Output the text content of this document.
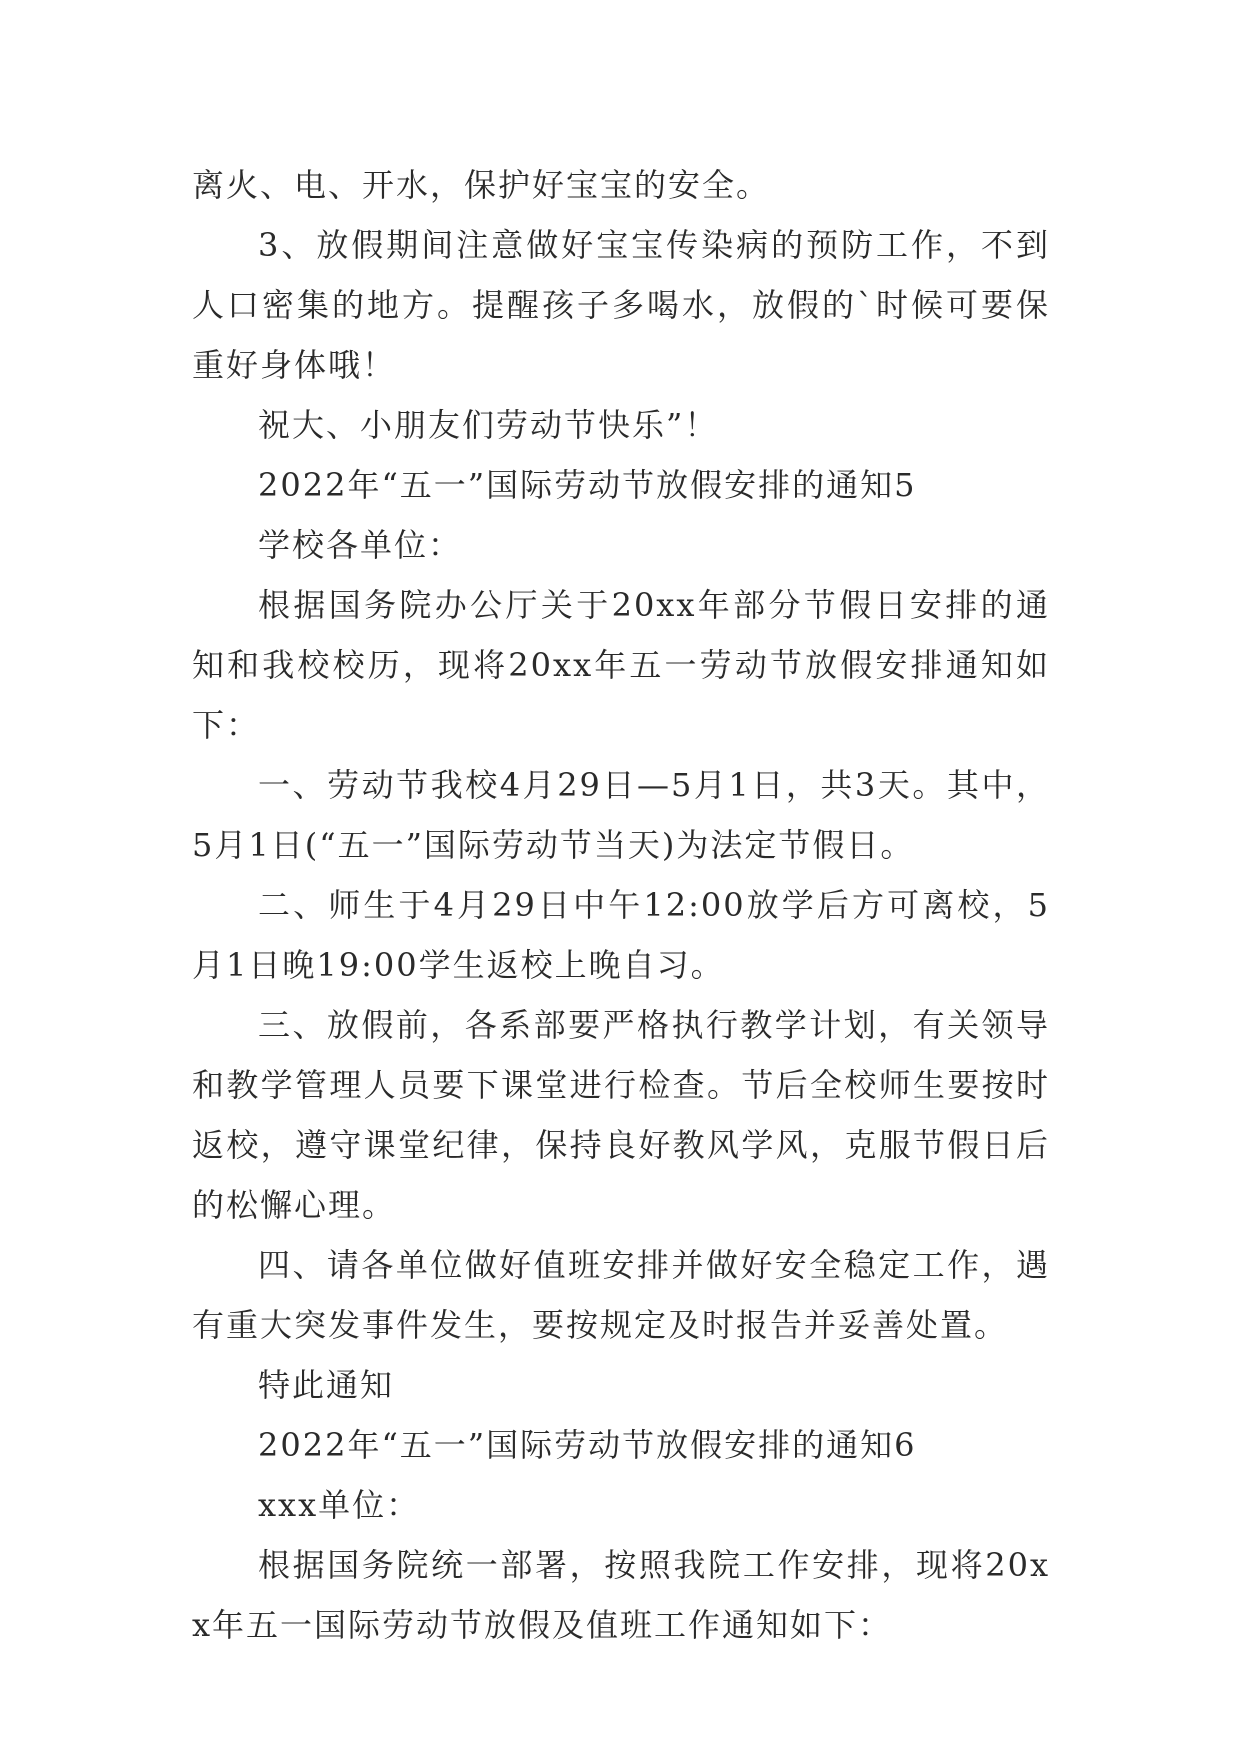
离火、电、开水，保护好宝宝的安全。

3、放假期间注意做好宝宝传染病的预防工作，不到人口密集的地方。提醒孩子多喝水，放假的`时候可要保重好身体哦！

祝大、小朋友们劳动节快乐”！

2022年“五一”国际劳动节放假安排的通知5

学校各单位：

根据国务院办公厅关于20xx年部分节假日安排的通知和我校校历，现将20xx年五一劳动节放假安排通知如下：

一、劳动节我校4月29日—5月1日，共3天。其中，5月1日(“五一”国际劳动节当天)为法定节假日。

二、师生于4月29日中午12:00放学后方可离校，5月1日晚19:00学生返校上晚自习。

三、放假前，各系部要严格执行教学计划，有关领导和教学管理人员要下课堂进行检查。节后全校师生要按时返校，遵守课堂纪律，保持良好教风学风，克服节假日后的松懈心理。

四、请各单位做好值班安排并做好安全稳定工作，遇有重大突发事件发生，要按规定及时报告并妥善处置。

特此通知

2022年“五一”国际劳动节放假安排的通知6

xxx单位：

根据国务院统一部署，按照我院工作安排，现将20xx年五一国际劳动节放假及值班工作通知如下：
